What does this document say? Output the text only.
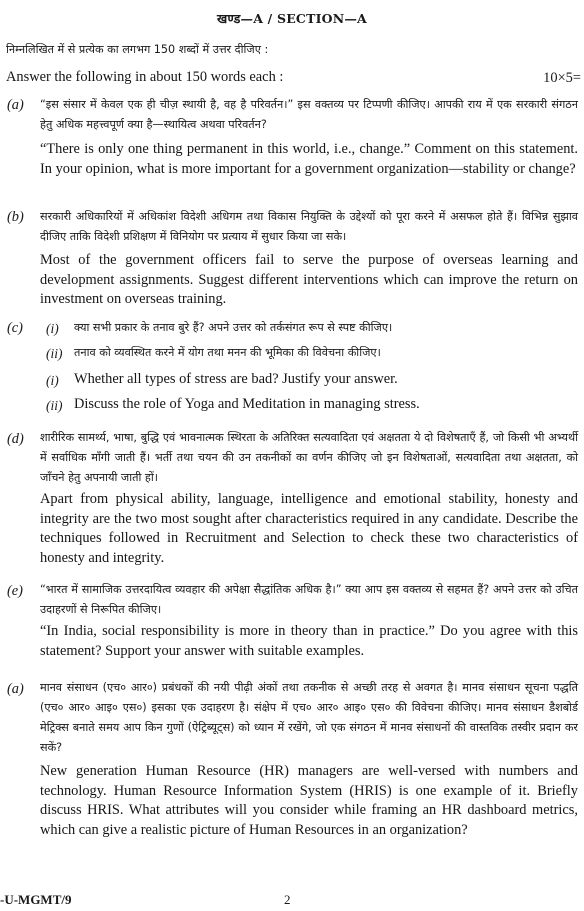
खण्ड—A / SECTION—A

निम्नलिखित में से प्रत्येक का लगभग 150 शब्दों में उत्तर दीजिए :

Answer the following in about 150 words each :	10×5=
(a) “इस संसार में केवल एक ही चीज़ स्थायी है, वह है परिवर्तन।” इस वक्तव्य पर टिप्पणी कीजिए। आपकी राय में एक सरकारी संगठन हेतु अधिक महत्त्वपूर्ण क्या है—स्थायित्व अथवा परिवर्तन?

“There is only one thing permanent in this world, i.e., change.” Comment on this statement. In your opinion, what is more important for a government organization—stability or change?

(b) सरकारी अधिकारियों में अधिकांश विदेशी अधिगम तथा विकास नियुक्ति के उद्देश्यों को पूरा करने में असफल होते हैं। विभिन्न सुझाव दीजिए ताकि विदेशी प्रशिक्षण में विनियोग पर प्रत्याय में सुधार किया जा सके।

Most of the government officers fail to serve the purpose of overseas learning and development assignments. Suggest different interventions which can improve the return on investment on overseas training.

(c) (i) क्या सभी प्रकार के तनाव बुरे हैं? अपने उत्तर को तर्कसंगत रूप से स्पष्ट कीजिए।

(ii) तनाव को व्यवस्थित करने में योग तथा मनन की भूमिका की विवेचना कीजिए।

(i) Whether all types of stress are bad? Justify your answer.

(ii) Discuss the role of Yoga and Meditation in managing stress.

(d) शारीरिक सामर्थ्य, भाषा, बुद्धि एवं भावनात्मक स्थिरता के अतिरिक्त सत्यवादिता एवं अक्षतता ये दो विशेषताएँ हैं, जो किसी भी अभ्यर्थी में सर्वाधिक माँगी जाती हैं। भर्ती तथा चयन की उन तकनीकों का वर्णन कीजिए जो इन विशेषताओं, सत्यवादिता तथा अक्षतता, को जाँचने हेतु अपनायी जाती हों।

Apart from physical ability, language, intelligence and emotional stability, honesty and integrity are the two most sought after characteristics required in any candidate. Describe the techniques followed in Recruitment and Selection to check these two characteristics of honesty and integrity.

(e) “भारत में सामाजिक उत्तरदायित्व व्यवहार की अपेक्षा सैद्धांतिक अधिक है।” क्या आप इस वक्तव्य से सहमत हैं? अपने उत्तर को उचित उदाहरणों से निरूपित कीजिए।

“In India, social responsibility is more in theory than in practice.” Do you agree with this statement? Support your answer with suitable examples.

(a) मानव संसाधन (एच० आर०) प्रबंधकों की नयी पीढ़ी अंकों तथा तकनीक से अच्छी तरह से अवगत है। मानव संसाधन सूचना पद्धति (एच० आर० आइ० एस०) इसका एक उदाहरण है। संक्षेप में एच० आर० आइ० एस० की विवेचना कीजिए। मानव संसाधन डैशबोर्ड मेट्रिक्स बनाते समय आप किन गुणों (ऐट्रिब्यूट्स) को ध्यान में रखेंगे, जो एक संगठन में मानव संसाधनों की वास्तविक तस्वीर प्रदान कर सकें?

New generation Human Resource (HR) managers are well-versed with numbers and technology. Human Resource Information System (HRIS) is one example of it. Briefly discuss HRIS. What attributes will you consider while framing an HR dashboard metrics, which can give a realistic picture of Human Resources in an organization?

-U-MGMT/9	2
